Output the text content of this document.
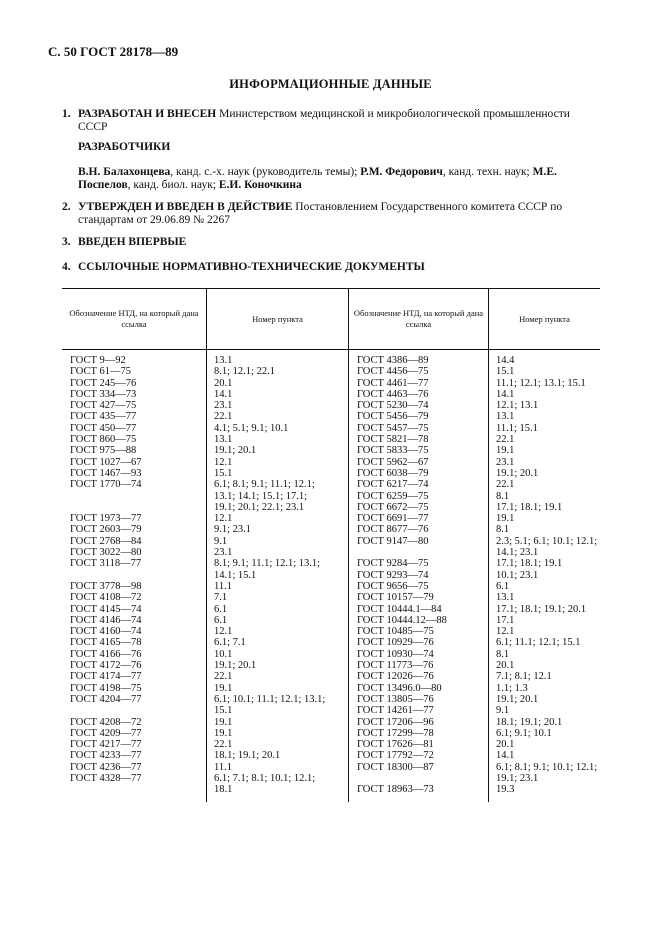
С. 50 ГОСТ 28178—89
ИНФОРМАЦИОННЫЕ ДАННЫЕ
1. РАЗРАБОТАН И ВНЕСЕН Министерством медицинской и микробиологической промышленности СССР
РАЗРАБОТЧИКИ
В.Н. Балахонцева, канд. с.-х. наук (руководитель темы); Р.М. Федорович, канд. техн. наук; М.Е. Поспелов, канд. биол. наук; Е.И. Коночкина
2. УТВЕРЖДЕН И ВВЕДЕН В ДЕЙСТВИЕ Постановлением Государственного комитета СССР по стандартам от 29.06.89 № 2267
3. ВВЕДЕН ВПЕРВЫЕ
4. ССЫЛОЧНЫЕ НОРМАТИВНО-ТЕХНИЧЕСКИЕ ДОКУМЕНТЫ
Обозначение НТД, на который дана ссылка	Номер пункта	Обозначение НТД, на который дана ссылка	Номер пункта
ГОСТ 9—92	13.1	ГОСТ 4386—89	14.4
ГОСТ 61—75	8.1; 12.1; 22.1	ГОСТ 4456—75	15.1
ГОСТ 245—76	20.1	ГОСТ 4461—77	11.1; 12.1; 13.1; 15.1
ГОСТ 334—73	14.1	ГОСТ 4463—76	14.1
ГОСТ 427—75	23.1	ГОСТ 5230—74	12.1; 13.1
ГОСТ 435—77	22.1	ГОСТ 5456—79	13.1
ГОСТ 450—77	4.1; 5.1; 9.1; 10.1	ГОСТ 5457—75	11.1; 15.1
ГОСТ 860—75	13.1	ГОСТ 5821—78	22.1
ГОСТ 975—88	19.1; 20.1	ГОСТ 5833—75	19.1
ГОСТ 1027—67	12.1	ГОСТ 5962—67	23.1
ГОСТ 1467—93	15.1	ГОСТ 6038—79	19.1; 20.1
ГОСТ 1770—74	6.1; 8.1; 9.1; 11.1; 12.1;	ГОСТ 6217—74	22.1
	13.1; 14.1; 15.1; 17.1;	ГОСТ 6259—75	8.1
	19.1; 20.1; 22.1; 23.1	ГОСТ 6672—75	17.1; 18.1; 19.1
ГОСТ 1973—77	12.1	ГОСТ 6691—77	19.1
ГОСТ 2603—79	9.1; 23.1	ГОСТ 8677—76	8.1
ГОСТ 2768—84	9.1	ГОСТ 9147—80	2.3; 5.1; 6.1; 10.1; 12.1;
ГОСТ 3022—80	23.1		14.1; 23.1
ГОСТ 3118—77	8.1; 9.1; 11.1; 12.1; 13.1;	ГОСТ 9284—75	17.1; 18.1; 19.1
	14.1; 15.1	ГОСТ 9293—74	10.1; 23.1
ГОСТ 3778—98	11.1	ГОСТ 9656—75	6.1
ГОСТ 4108—72	7.1	ГОСТ 10157—79	13.1
ГОСТ 4145—74	6.1	ГОСТ 10444.1—84	17.1; 18.1; 19.1; 20.1
ГОСТ 4146—74	6.1	ГОСТ 10444.12—88	17.1
ГОСТ 4160—74	12.1	ГОСТ 10485—75	12.1
ГОСТ 4165—78	6.1; 7.1	ГОСТ 10929—76	6.1; 11.1; 12.1; 15.1
ГОСТ 4166—76	10.1	ГОСТ 10930—74	8.1
ГОСТ 4172—76	19.1; 20.1	ГОСТ 11773—76	20.1
ГОСТ 4174—77	22.1	ГОСТ 12026—76	7.1; 8.1; 12.1
ГОСТ 4198—75	19.1	ГОСТ 13496.0—80	1.1; 1.3
ГОСТ 4204—77	6.1; 10.1; 11.1; 12.1; 13.1;	ГОСТ 13805—76	19.1; 20.1
	15.1	ГОСТ 14261—77	9.1
ГОСТ 4208—72	19.1	ГОСТ 17206—96	18.1; 19.1; 20.1
ГОСТ 4209—77	19.1	ГОСТ 17299—78	6.1; 9.1; 10.1
ГОСТ 4217—77	22.1	ГОСТ 17626—81	20.1
ГОСТ 4233—77	18.1; 19.1; 20.1	ГОСТ 17792—72	14.1
ГОСТ 4236—77	11.1	ГОСТ 18300—87	6.1; 8.1; 9.1; 10.1; 12.1;
ГОСТ 4328—77	6.1; 7.1; 8.1; 10.1; 12.1;		19.1; 23.1
	18.1	ГОСТ 18963—73	19.3
